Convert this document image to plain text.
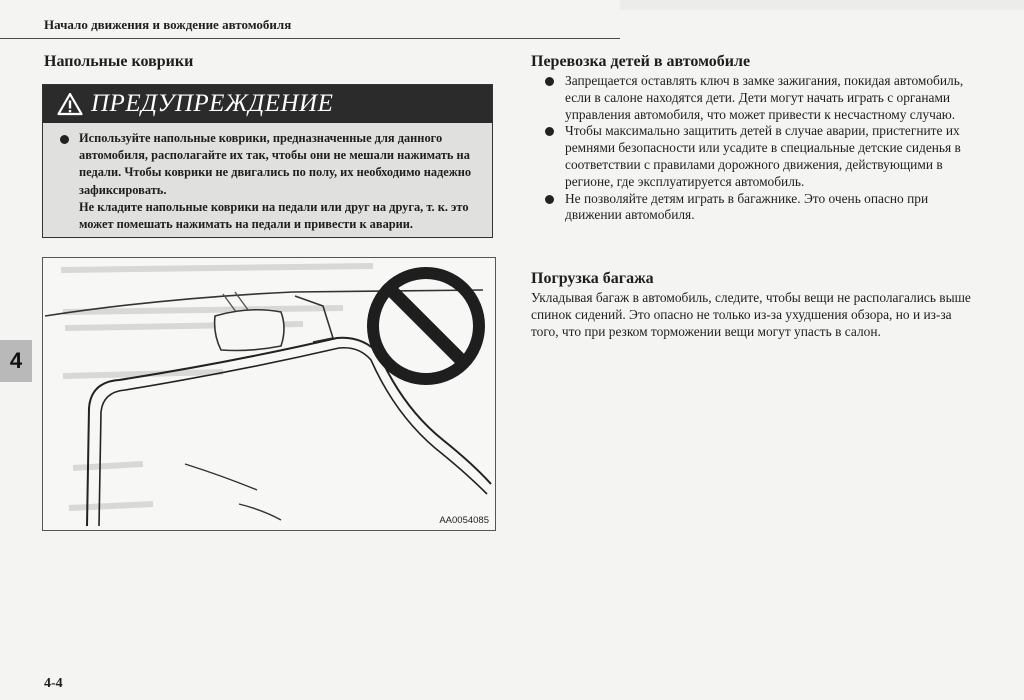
Начало движения и вождение автомобиля
4
Напольные коврики
ПРЕДУПРЕЖДЕНИЕ

Используйте напольные коврики, предназначенные для данного автомобиля, располагайте их так, чтобы они не мешали нажимать на педали. Чтобы коврики не двигались по полу, их необходимо надежно зафиксировать.

Не кладите напольные коврики на педали или друг на друга, т. к. это может помешать нажимать на педали и привести к аварии.

AA0054085
Перевозка детей в автомобиле
Запрещается оставлять ключ в замке зажигания, покидая автомобиль, если в салоне находятся дети. Дети могут начать играть с органами управления автомобиля, что может привести к несчастному случаю.
Чтобы максимально защитить детей в случае аварии, пристегните их ремнями безопасности или усадите в специальные детские сиденья в соответствии с правилами дорожного движения, действующими в регионе, где эксплуатируется автомобиль.
Не позволяйте детям играть в багажнике. Это очень опасно при движении автомобиля.
Погрузка багажа

Укладывая багаж в автомобиль, следите, чтобы вещи не располагались выше спинок сидений. Это опасно не только из-за ухудшения обзора, но и из-за того, что при резком торможении вещи могут упасть в салон.

4-4
